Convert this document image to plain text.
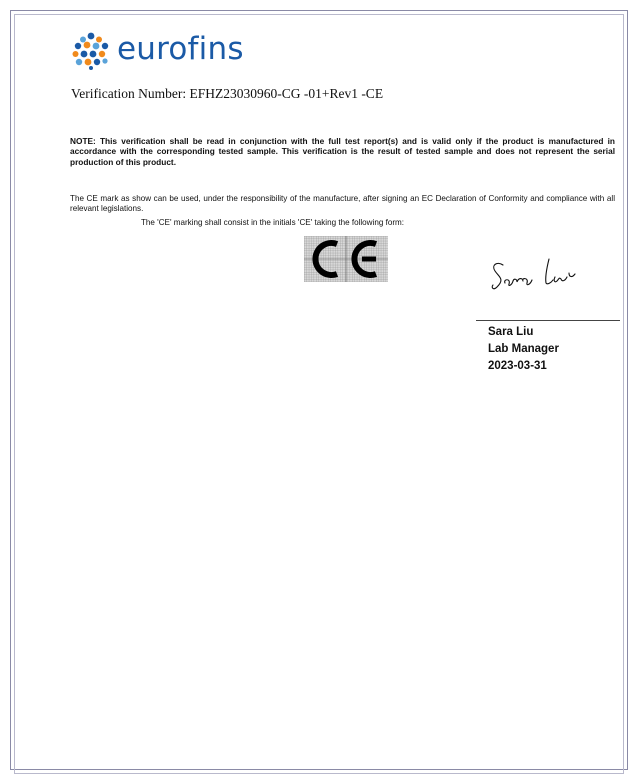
eurofins
Verification Number: EFHZ23030960-CG -01+Rev1 -CE
NOTE: This verification shall be read in conjunction with the full test report(s) and is valid only if the product is manufactured in accordance with the corresponding tested sample. This verification is the result of tested sample and does not represent the serial production of this product.
The CE mark as show can be used, under the responsibility of the manufacture, after signing an EC Declaration of Conformity and compliance with all relevant legislations.
The 'CE' marking shall consist in the initials 'CE' taking the following form:
Sara Liu
Sara Liu
Lab Manager
2023-03-31
